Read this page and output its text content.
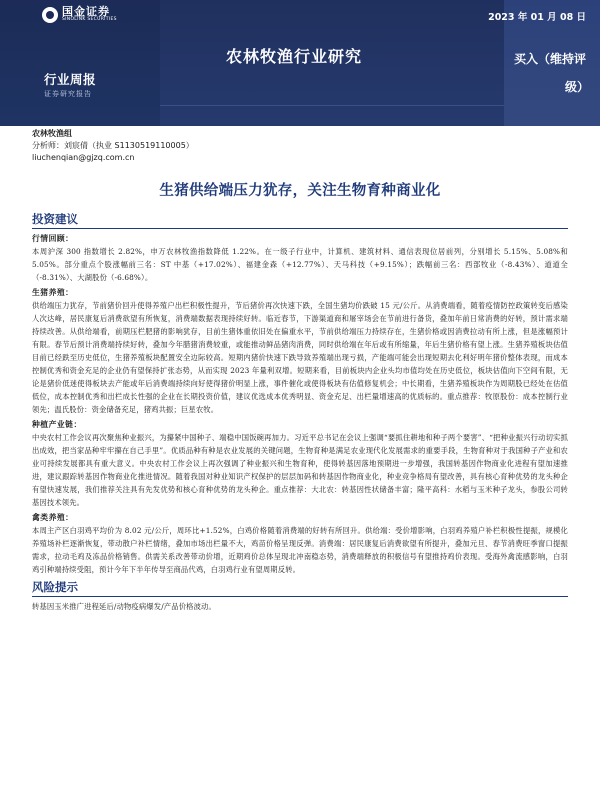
国金证券
SINOLINK SECURITIES
行业周报
证券研究报告
农林牧渔行业研究
2023 年 01 月 08 日
买入（维持评
级）
农林牧渔组
分析师：刘宸倩（执业 S1130519110005）
liuchenqian@gjzq.com.cn
生猪供给端压力犹存，关注生物育种商业化
投资建议
行情回顾：

本周沪深 300 指数增长 2.82%，申万农林牧渔指数降低 1.22%。在一级子行业中，计算机、建筑材料、通信表现位居前列，分别增长 5.15%、5.08%和 5.05%。部分重点个股涨幅前三名：ST 中基（+17.02%）、福建金森（+12.77%）、天马科技（+9.15%）；跌幅前三名：西部牧业（-8.43%）、道道全（-8.31%）、大湖股份（-6.68%）。

生猪养殖：

供给端压力犹存，节前猪价回升使得养殖户出栏积极性提升，节后猪价再次快速下跌，全国生猪均价跌破 15 元/公斤。从消费端看，随着疫情防控政策转变后感染人次达峰，居民康复后消费欲望有所恢复，消费端数据表现持续好转。临近春节，下游渠道商和屠宰场会在节前进行备货，叠加年前日常消费的好转，预计需求端持续改善。从供给端看，前期压栏肥猪的影响犹存，目前生猪体重依旧处在偏重水平，节前供给端压力持续存在，生猪价格或因消费拉动有所上涨，但是涨幅预计有限。春节后预计消费端持续好转，叠加今年腊猪消费较重，或能推动鲜品猪肉消费，同时供给端在年后或有所缩量，年后生猪价格有望上涨。生猪养殖板块估值目前已经跌至历史低位，生猪养殖板块配置安全边际较高。短期内猪价快速下跌导致养殖端出现亏损，产能端可能会出现短期去化利好明年猪价整体表现，而成本控制优秀和资金充足的企业仍有望保持扩张态势，从而实现 2023 年量利双增。短期来看，目前板块内企业头均市值均处在历史低位，板块估值向下空间有限，无论是猪价低迷使得板块去产能或年后消费端持续向好使得猪价明显上涨，事件催化或使得板块有估值修复机会；中长期看，生猪养殖板块作为周期股已经处在估值低位，成本控制优秀和出栏成长性强的企业在长期投资价值，建议优选成本优秀明显、资金充足、出栏量增速高的优质标的。重点推荐：牧原股份：成本控制行业领先；温氏股份：资金储备充足，猪鸡共振；巨星农牧。

种植产业链：

中央农村工作会议再次聚焦种业振兴，为攥紧中国种子、端稳中国饭碗再加力。习近平总书记在会议上强调“要抓住耕地和种子两个要害”、“把种业振兴行动切实抓出成效，把当家品种牢牢攥在自己手里”。优质品种有种是农业发展的关键问题，生物育种是满足农业现代化发展需求的重要手段，生物育种对于我国种子产业和农业可持续发展都具有重大意义。中央农村工作会议上再次强调了种业振兴和生物育种，使得转基因落地预期进一步增强，我国转基因作物商业化进程有望加速推进，建议跟踪转基因作物商业化推进情况。随着我国对种业知识产权保护的层层加码和转基因作物商业化，种业竞争格局有望改善，具有核心育种优势的龙头种企有望快速发展，我们推荐关注具有先发优势和核心育种优势的龙头种企。重点推荐：大北农：转基因性状储备丰富；隆平高科：水稻与玉米种子龙头，参股公司转基因技术领先。

禽类养殖：

本周主产区白羽鸡平均价为 8.02 元/公斤，周环比+1.52%，白鸡价格随着消费端的好转有所回升。供给端：受价增影响，白羽鸡养殖户补栏积极性提振，规模化养殖场补栏逐渐恢复，带动散户补栏情绪，叠加市场出栏量不大，鸡苗价格呈现反弹。消费端：居民康复后消费欲望有所提升，叠加元旦、春节消费旺季窗口提振需求，拉动毛鸡及冻品价格销售。供需关系改善带动价增，近期鸡价总体呈现北冲南稳态势，消费端释放的积极信号有望推持鸡价表现。受海外禽流感影响，白羽鸡引种端持续受阻，预计今年下半年传导至商品代鸡，白羽鸡行业有望周期反转。

风险提示

转基因玉米推广进程延后/动物疫病爆发/产品价格波动。
